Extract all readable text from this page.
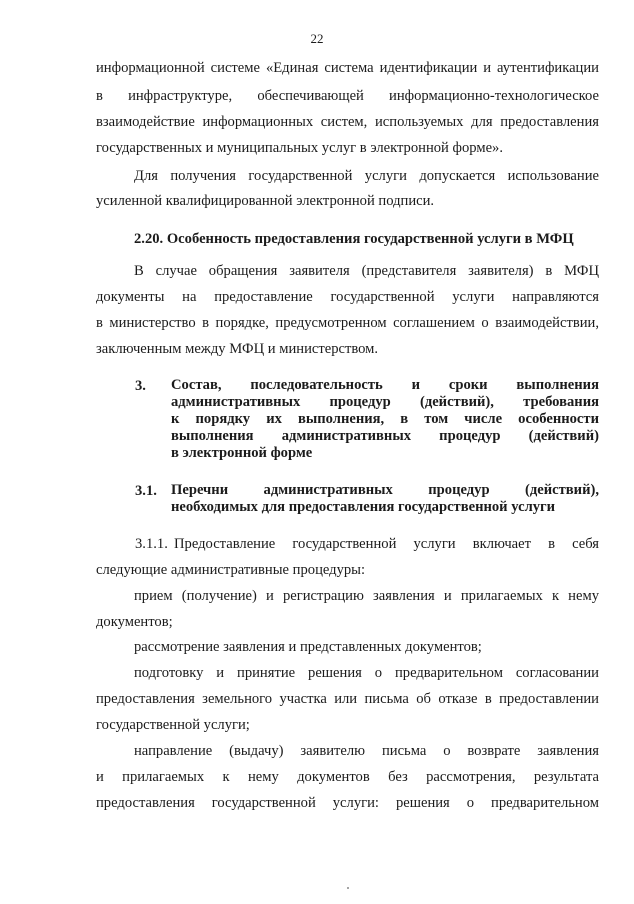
22
информационной системе «Единая система идентификации и аутентификации
в инфраструктуре, обеспечивающей информационно-технологическое
взаимодействие информационных систем, используемых для предоставления
государственных и муниципальных услуг в электронной форме».
Для получения государственной услуги допускается использование
усиленной квалифицированной электронной подписи.
2.20. Особенность предоставления государственной услуги в МФЦ
В случае обращения заявителя (представителя заявителя) в МФЦ
документы на предоставление государственной услуги направляются
в министерство в порядке, предусмотренном соглашением о взаимодействии,
заключенным между МФЦ и министерством.
3. Состав, последовательность и сроки выполнения
административных процедур (действий), требования
к порядку их выполнения, в том числе особенности
выполнения административных процедур (действий)
в электронной форме
3.1. Перечни административных процедур (действий),
необходимых для предоставления государственной услуги
3.1.1. Предоставление государственной услуги включает в себя
следующие административные процедуры:
прием (получение) и регистрацию заявления и прилагаемых к нему
документов;
рассмотрение заявления и представленных документов;
подготовку и принятие решения о предварительном согласовании
предоставления земельного участка или письма об отказе в предоставлении
государственной услуги;
направление (выдачу) заявителю письма о возврате заявления
и прилагаемых к нему документов без рассмотрения, результата
предоставления государственной услуги: решения о предварительном
